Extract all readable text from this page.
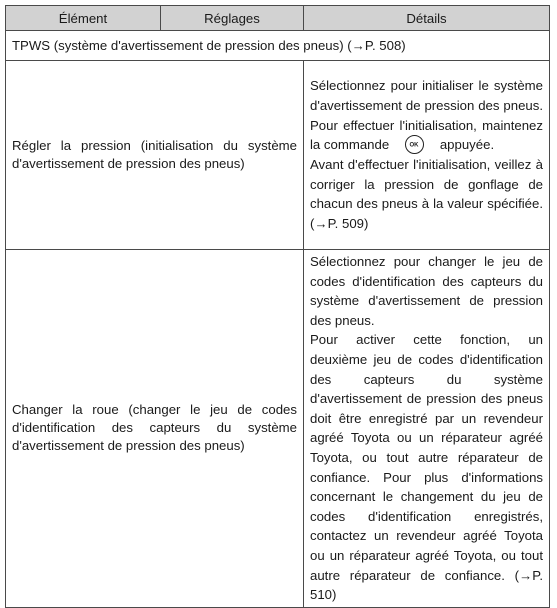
Élément	Réglages	Détails
TPWS (système d'avertissement de pression des pneus) (→P. 508)		
Régler la pression (initialisation du système d'avertissement de pression des pneus)		Sélectionnez pour initialiser le système d'avertissement de pression des pneus. Pour effectuer l'initialisation, maintenez la commande OK appuyée.
Avant d'effectuer l'initialisation, veillez à corriger la pression de gonflage de chacun des pneus à la valeur spécifiée. (→P. 509)
Changer la roue (changer le jeu de codes d'identification des capteurs du système d'avertissement de pression des pneus)		Sélectionnez pour changer le jeu de codes d'identification des capteurs du système d'avertissement de pression des pneus.
Pour activer cette fonction, un deuxième jeu de codes d'identification des capteurs du système d'avertissement de pression des pneus doit être enregistré par un revendeur agréé Toyota ou un réparateur agréé Toyota, ou tout autre réparateur de confiance. Pour plus d'informations concernant le changement du jeu de codes d'identification enregistrés, contactez un revendeur agréé Toyota ou un réparateur agréé Toyota, ou tout autre réparateur de confiance. (→P. 510)
